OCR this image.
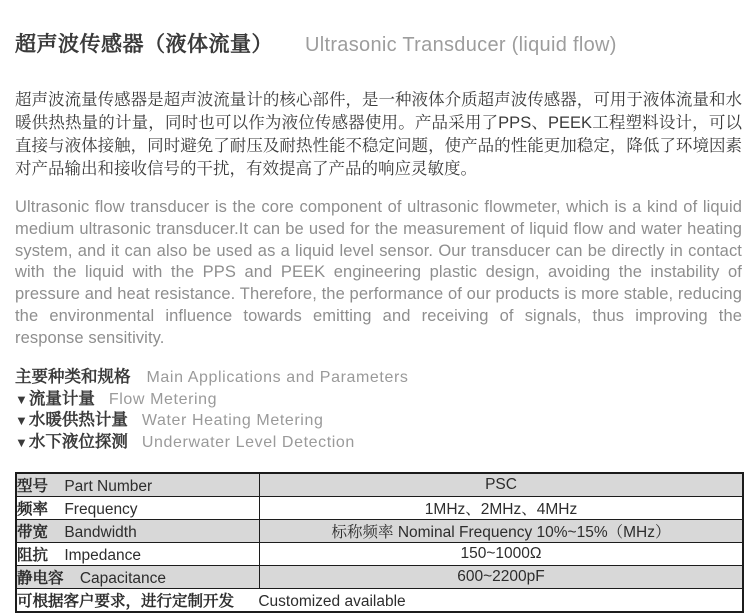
超声波传感器（液体流量） Ultrasonic Transducer (liquid flow)

超声波流量传感器是超声波流量计的核心部件，是一种液体介质超声波传感器，可用于液体流量和水暖供热热量的计量，同时也可以作为液位传感器使用。产品采用了PPS、PEEK工程塑料设计，可以直接与液体接触，同时避免了耐压及耐热性能不稳定问题，使产品的性能更加稳定，降低了环境因素对产品输出和接收信号的干扰，有效提高了产品的响应灵敏度。

Ultrasonic flow transducer is the core component of ultrasonic flowmeter, which is a kind of liquid medium ultrasonic transducer.It can be used for the measurement of liquid flow and water heating system, and it can also be used as a liquid level sensor. Our transducer can be directly in contact with the liquid with the PPS and PEEK engineering plastic design, avoiding the instability of pressure and heat resistance. Therefore, the performance of our products is more stable, reducing the environmental influence towards emitting and receiving of signals, thus improving the response sensitivity.

主要种类和规格 Main Applications and Parameters
▼ 流量计量 Flow Metering
▼ 水暖供热计量 Water Heating Metering
▼ 水下液位探测 Underwater Level Detection
型号 Part Number	PSC
频率 Frequency	1MHz、2MHz、4MHz
带宽 Bandwidth	标称频率 Nominal Frequency 10%~15%（MHz）
阻抗 Impedance	150~1000Ω
静电容 Capacitance	600~2200pF
可根据客户要求，进行定制开发 Customized available	
